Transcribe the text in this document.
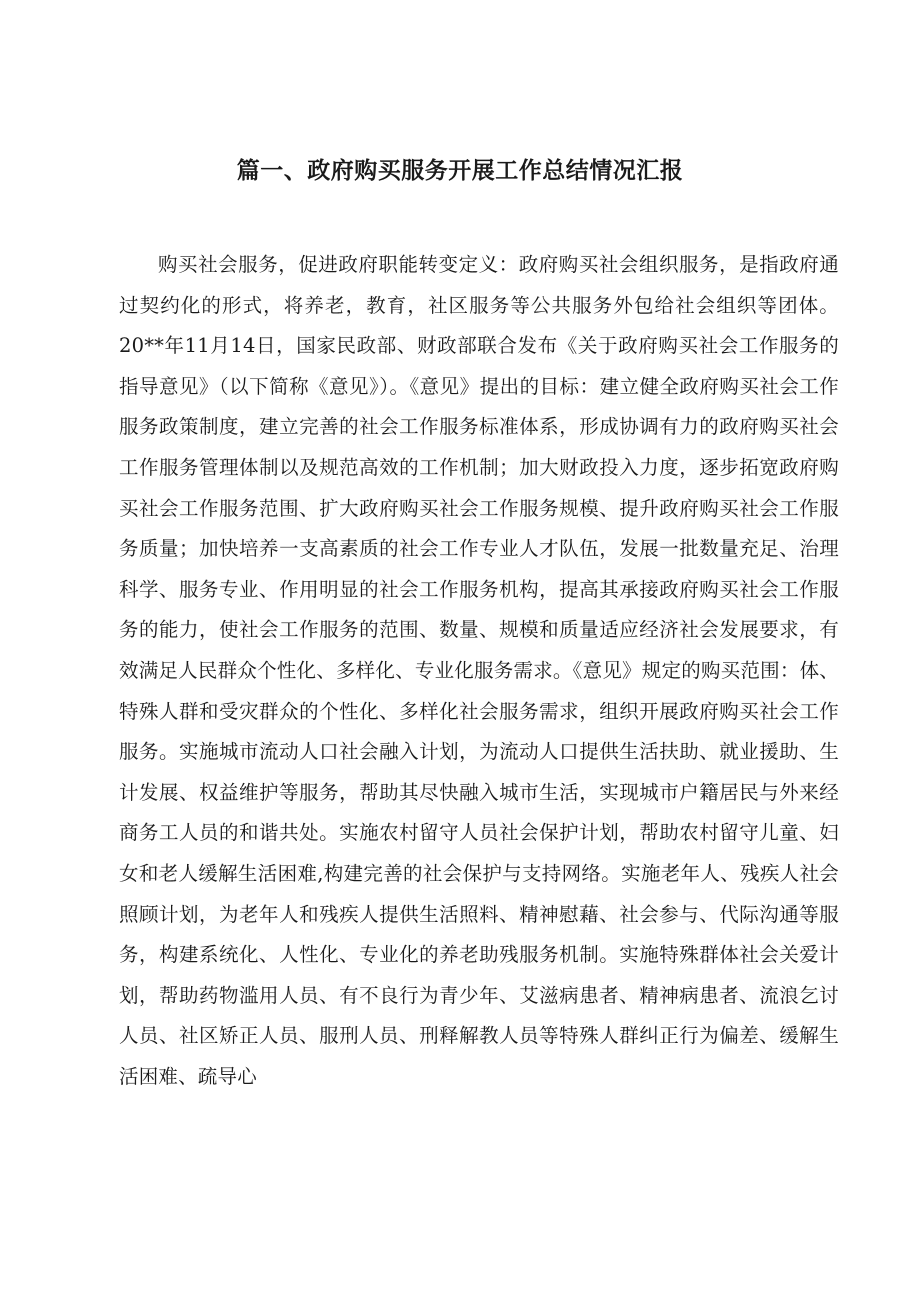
篇一、政府购买服务开展工作总结情况汇报

购买社会服务，促进政府职能转变定义：政府购买社会组织服务，是指政府通过契约化的形式，将养老，教育，社区服务等公共服务外包给社会组织等团体。20**年11月14日，国家民政部、财政部联合发布《关于政府购买社会工作服务的指导意见》（以下简称《意见》）。《意见》提出的目标：建立健全政府购买社会工作服务政策制度，建立完善的社会工作服务标准体系，形成协调有力的政府购买社会工作服务管理体制以及规范高效的工作机制；加大财政投入力度，逐步拓宽政府购买社会工作服务范围、扩大政府购买社会工作服务规模、提升政府购买社会工作服务质量；加快培养一支高素质的社会工作专业人才队伍，发展一批数量充足、治理科学、服务专业、作用明显的社会工作服务机构，提高其承接政府购买社会工作服务的能力，使社会工作服务的范围、数量、规模和质量适应经济社会发展要求，有效满足人民群众个性化、多样化、专业化服务需求。《意见》规定的购买范围：体、特殊人群和受灾群众的个性化、多样化社会服务需求，组织开展政府购买社会工作服务。实施城市流动人口社会融入计划，为流动人口提供生活扶助、就业援助、生计发展、权益维护等服务，帮助其尽快融入城市生活，实现城市户籍居民与外来经商务工人员的和谐共处。实施农村留守人员社会保护计划，帮助农村留守儿童、妇女和老人缓解生活困难,构建完善的社会保护与支持网络。实施老年人、残疾人社会照顾计划，为老年人和残疾人提供生活照料、精神慰藉、社会参与、代际沟通等服务，构建系统化、人性化、专业化的养老助残服务机制。实施特殊群体社会关爱计划，帮助药物滥用人员、有不良行为青少年、艾滋病患者、精神病患者、流浪乞讨人员、社区矫正人员、服刑人员、刑释解教人员等特殊人群纠正行为偏差、缓解生活困难、疏导心
